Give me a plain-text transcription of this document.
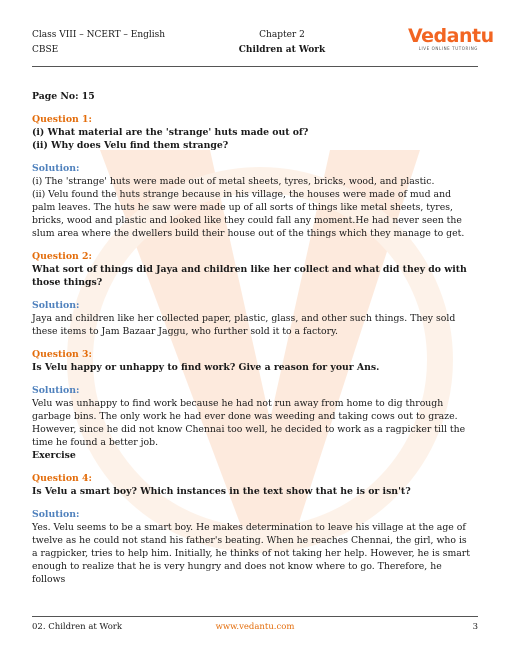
Class VIII – NCERT – English
CBSE
Chapter 2
Children at Work
Vedantu
LIVE ONLINE TUTORING

Page No: 15

Question 1:

(i) What material are the 'strange' huts made out of?

(ii) Why does Velu find them strange?

Solution:

(i) The 'strange' huts were made out of metal sheets, tyres, bricks, wood, and plastic.

(ii) Velu found the huts strange because in his village, the houses were made of mud and palm leaves. The huts he saw were made up of all sorts of things like metal sheets, tyres, bricks, wood and plastic and looked like they could fall any moment.He had never seen the slum area where the dwellers build their house out of the things which they manage to get.

Question 2:

What sort of things did Jaya and children like her collect and what did they do with those things?

Solution:

Jaya and children like her collected paper, plastic, glass, and other such things. They sold these items to Jam Bazaar Jaggu, who further sold it to a factory.

Question 3:

Is Velu happy or unhappy to find work? Give a reason for your Ans.

Solution:

Velu was unhappy to find work because he had not run away from home to dig through garbage bins. The only work he had ever done was weeding and taking cows out to graze. However, since he did not know Chennai too well, he decided to work as a ragpicker till the time he found a better job.

Exercise

Question 4:

Is Velu a smart boy? Which instances in the text show that he is or isn't?

Solution:

Yes. Velu seems to be a smart boy. He makes determination to leave his village at the age of twelve as he could not stand his father's beating. When he reaches Chennai, the girl, who is a ragpicker, tries to help him. Initially, he thinks of not taking her help. However, he is smart enough to realize that he is very hungry and does not know where to go. Therefore, he follows

02. Children at Work	www.vedantu.com	3
